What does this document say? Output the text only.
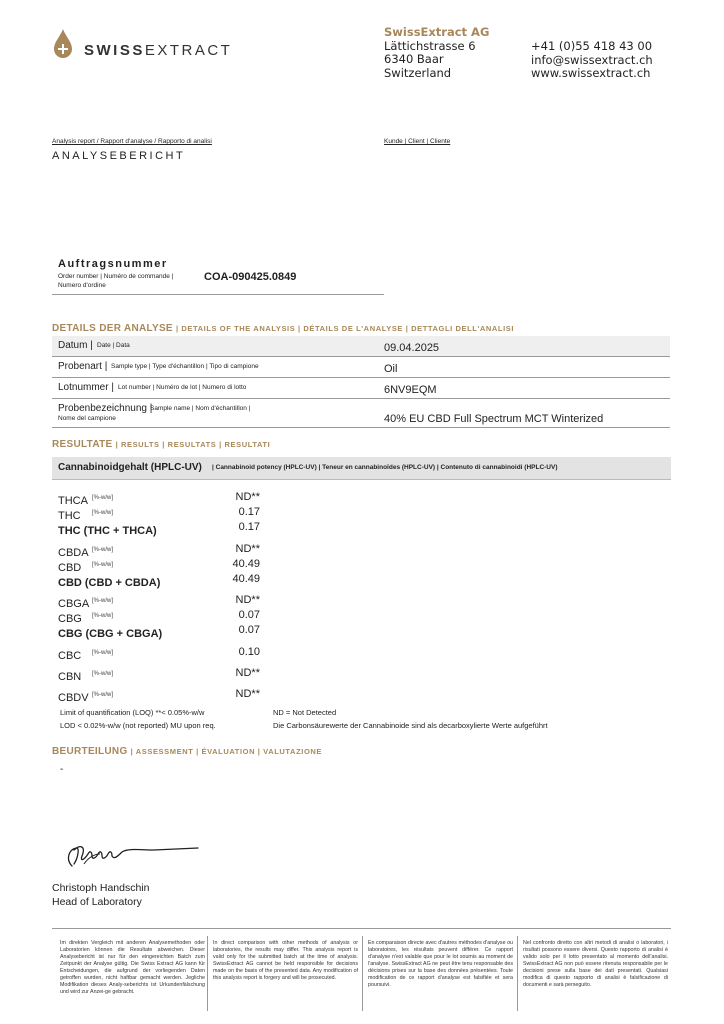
SWISSEXTRACT
SwissExtract AG
Lättichstrasse 6
6340 Baar
Switzerland
+41 (0)55 418 43 00
info@swissextract.ch
www.swissextract.ch
Analysis report / Rapport d'analyse / Rapporto di analisi
ANALYSEBERICHT
Kunde | Client | Cliente
Auftragsnummer
Order number | Numéro de commande |
Numero d'ordine
COA-090425.0849
DETAILS DER ANALYSE | DETAILS OF THE ANALYSIS | DÉTAILS DE L'ANALYSE | DETTAGLI DELL'ANALISI
Datum | Date | Data	09.04.2025
Probenart | Sample type | Type d'échantillon | Tipo di campione	Oil
Lotnummer | Lot number | Numéro de lot | Numero di lotto	6NV9EQM
Probenbezeichnung |
Sample name | Nom d'échantillon |
Nome del campione	40% EU CBD Full Spectrum MCT Winterized
RESULTATE | RESULTS | RESULTATS | RESULTATI
Cannabinoidgehalt (HPLC-UV) | Cannabinoid potency (HPLC-UV) | Teneur en cannabinoïdes (HPLC-UV) | Contenuto di cannabinoidi (HPLC-UV)
THCA [%-w/w]	ND**
THC [%-w/w]	0.17
THC (THC + THCA)	0.17
CBDA [%-w/w]	ND**
CBD [%-w/w]	40.49
CBD (CBD + CBDA)	40.49
CBGA [%-w/w]	ND**
CBG [%-w/w]	0.07
CBG (CBG + CBGA)	0.07
CBC [%-w/w]	0.10
CBN [%-w/w]	ND**
CBDV [%-w/w]	ND**
Limit of quantification (LOQ) **< 0.05%-w/w
LOD < 0.02%-w/w (not reported) MU upon req.
ND = Not Detected
Die Carbonsäurewerte der Cannabinoide sind als decarboxylierte Werte aufgeführt
BEURTEILUNG | ASSESSMENT | ÉVALUATION | VALUTAZIONE
-
Christoph Handschin
Head of Laboratory
Im direkten Vergleich mit anderen Analysemethoden oder Laboratorien können die Resultate abweichen. Dieser Analysebericht ist nur für den eingereichten Batch zum Zeitpunkt der Analyse gültig. Die Swiss Extract AG kann für Entscheidungen, die aufgrund der vorliegenden Daten getroffen wurden, nicht haftbar gemacht werden. Jegliche Modifikation dieses Analy-seberichts ist Urkundenfälschung und wird zur Anzei-ge gebracht.
In direct comparison with other methods of analysis or laboratories, the results may differ. This analysis report is valid only for the submitted batch at the time of analysis. SwissExtract AG cannot be held responsible for decisions made on the basis of the presented data. Any modification of this analysis report is forgery and will be prosecuted.
En comparaison directe avec d'autres méthodes d'analyse ou laboratoires, les résultats peuvent différer. Ce rapport d'analyse n'est valable que pour le lot soumis au moment de l'analyse. SwissExtract AG ne peut être tenu responsable des décisions prises sur la base des données présentées. Toute modification de ce rapport d'analyse est falsifiée et sera poursuivi.
Nel confronto diretto con altri metodi di analisi o laboratori, i risultati possono essere diversi. Questo rapporto di analisi è valido solo per il lotto presentato al momento dell'analisi. SwissExtract AG non può essere ritenuta responsabile per le decisioni prese sulla base dei dati presentati. Qualsiasi modifica di questo rapporto di analisi è falsificazione di documenti e sarà perseguito.
